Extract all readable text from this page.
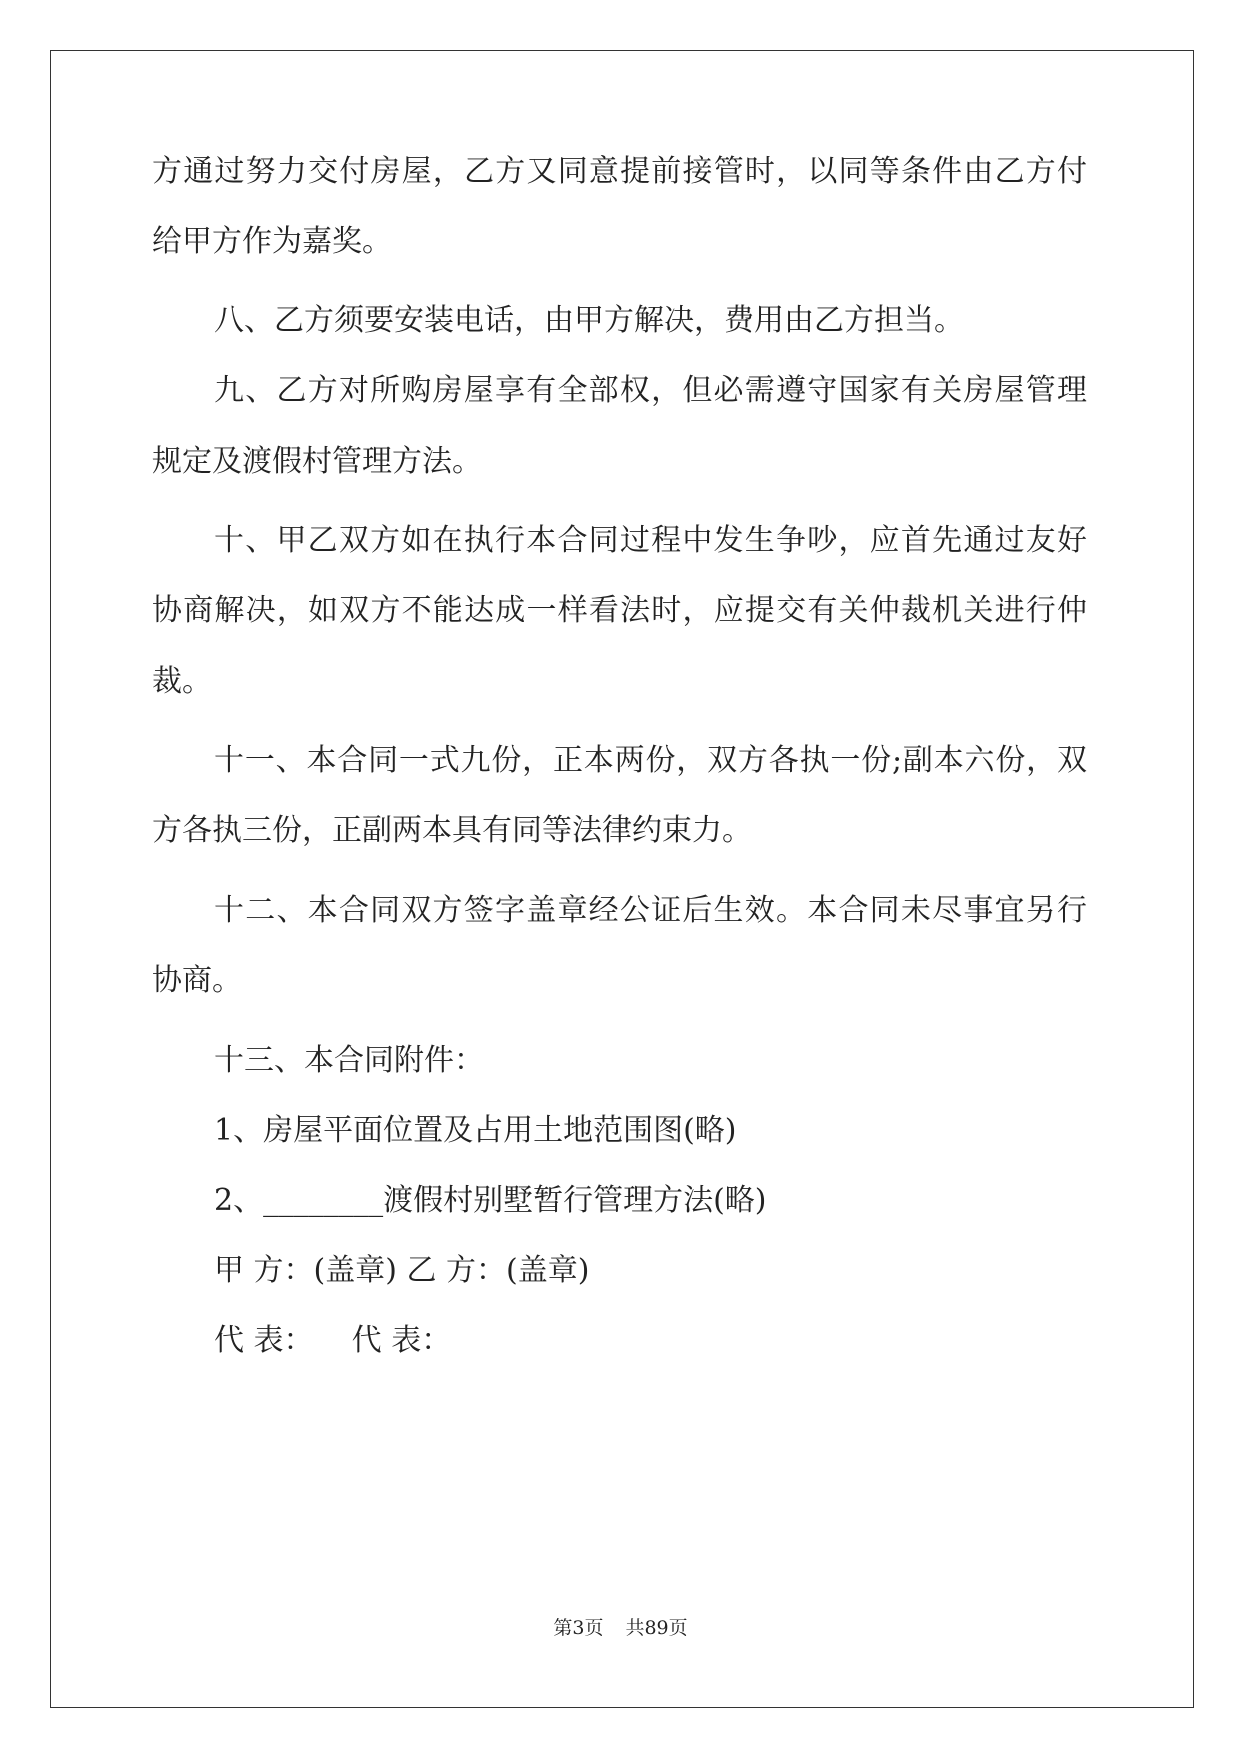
方通过努力交付房屋，乙方又同意提前接管时，以同等条件由乙方付
给甲方作为嘉奖。
八、乙方须要安装电话，由甲方解决，费用由乙方担当。
九、乙方对所购房屋享有全部权，但必需遵守国家有关房屋管理
规定及渡假村管理方法。
十、甲乙双方如在执行本合同过程中发生争吵，应首先通过友好
协商解决，如双方不能达成一样看法时，应提交有关仲裁机关进行仲
裁。
十一、本合同一式九份，正本两份，双方各执一份;副本六份，双
方各执三份，正副两本具有同等法律约束力。
十二、本合同双方签字盖章经公证后生效。本合同未尽事宜另行
协商。
十三、本合同附件：
1、房屋平面位置及占用土地范围图(略)
2、________渡假村别墅暂行管理方法(略)
甲 方：(盖章) 乙 方：(盖章)
代 表：    代 表：
第3页 共89页
